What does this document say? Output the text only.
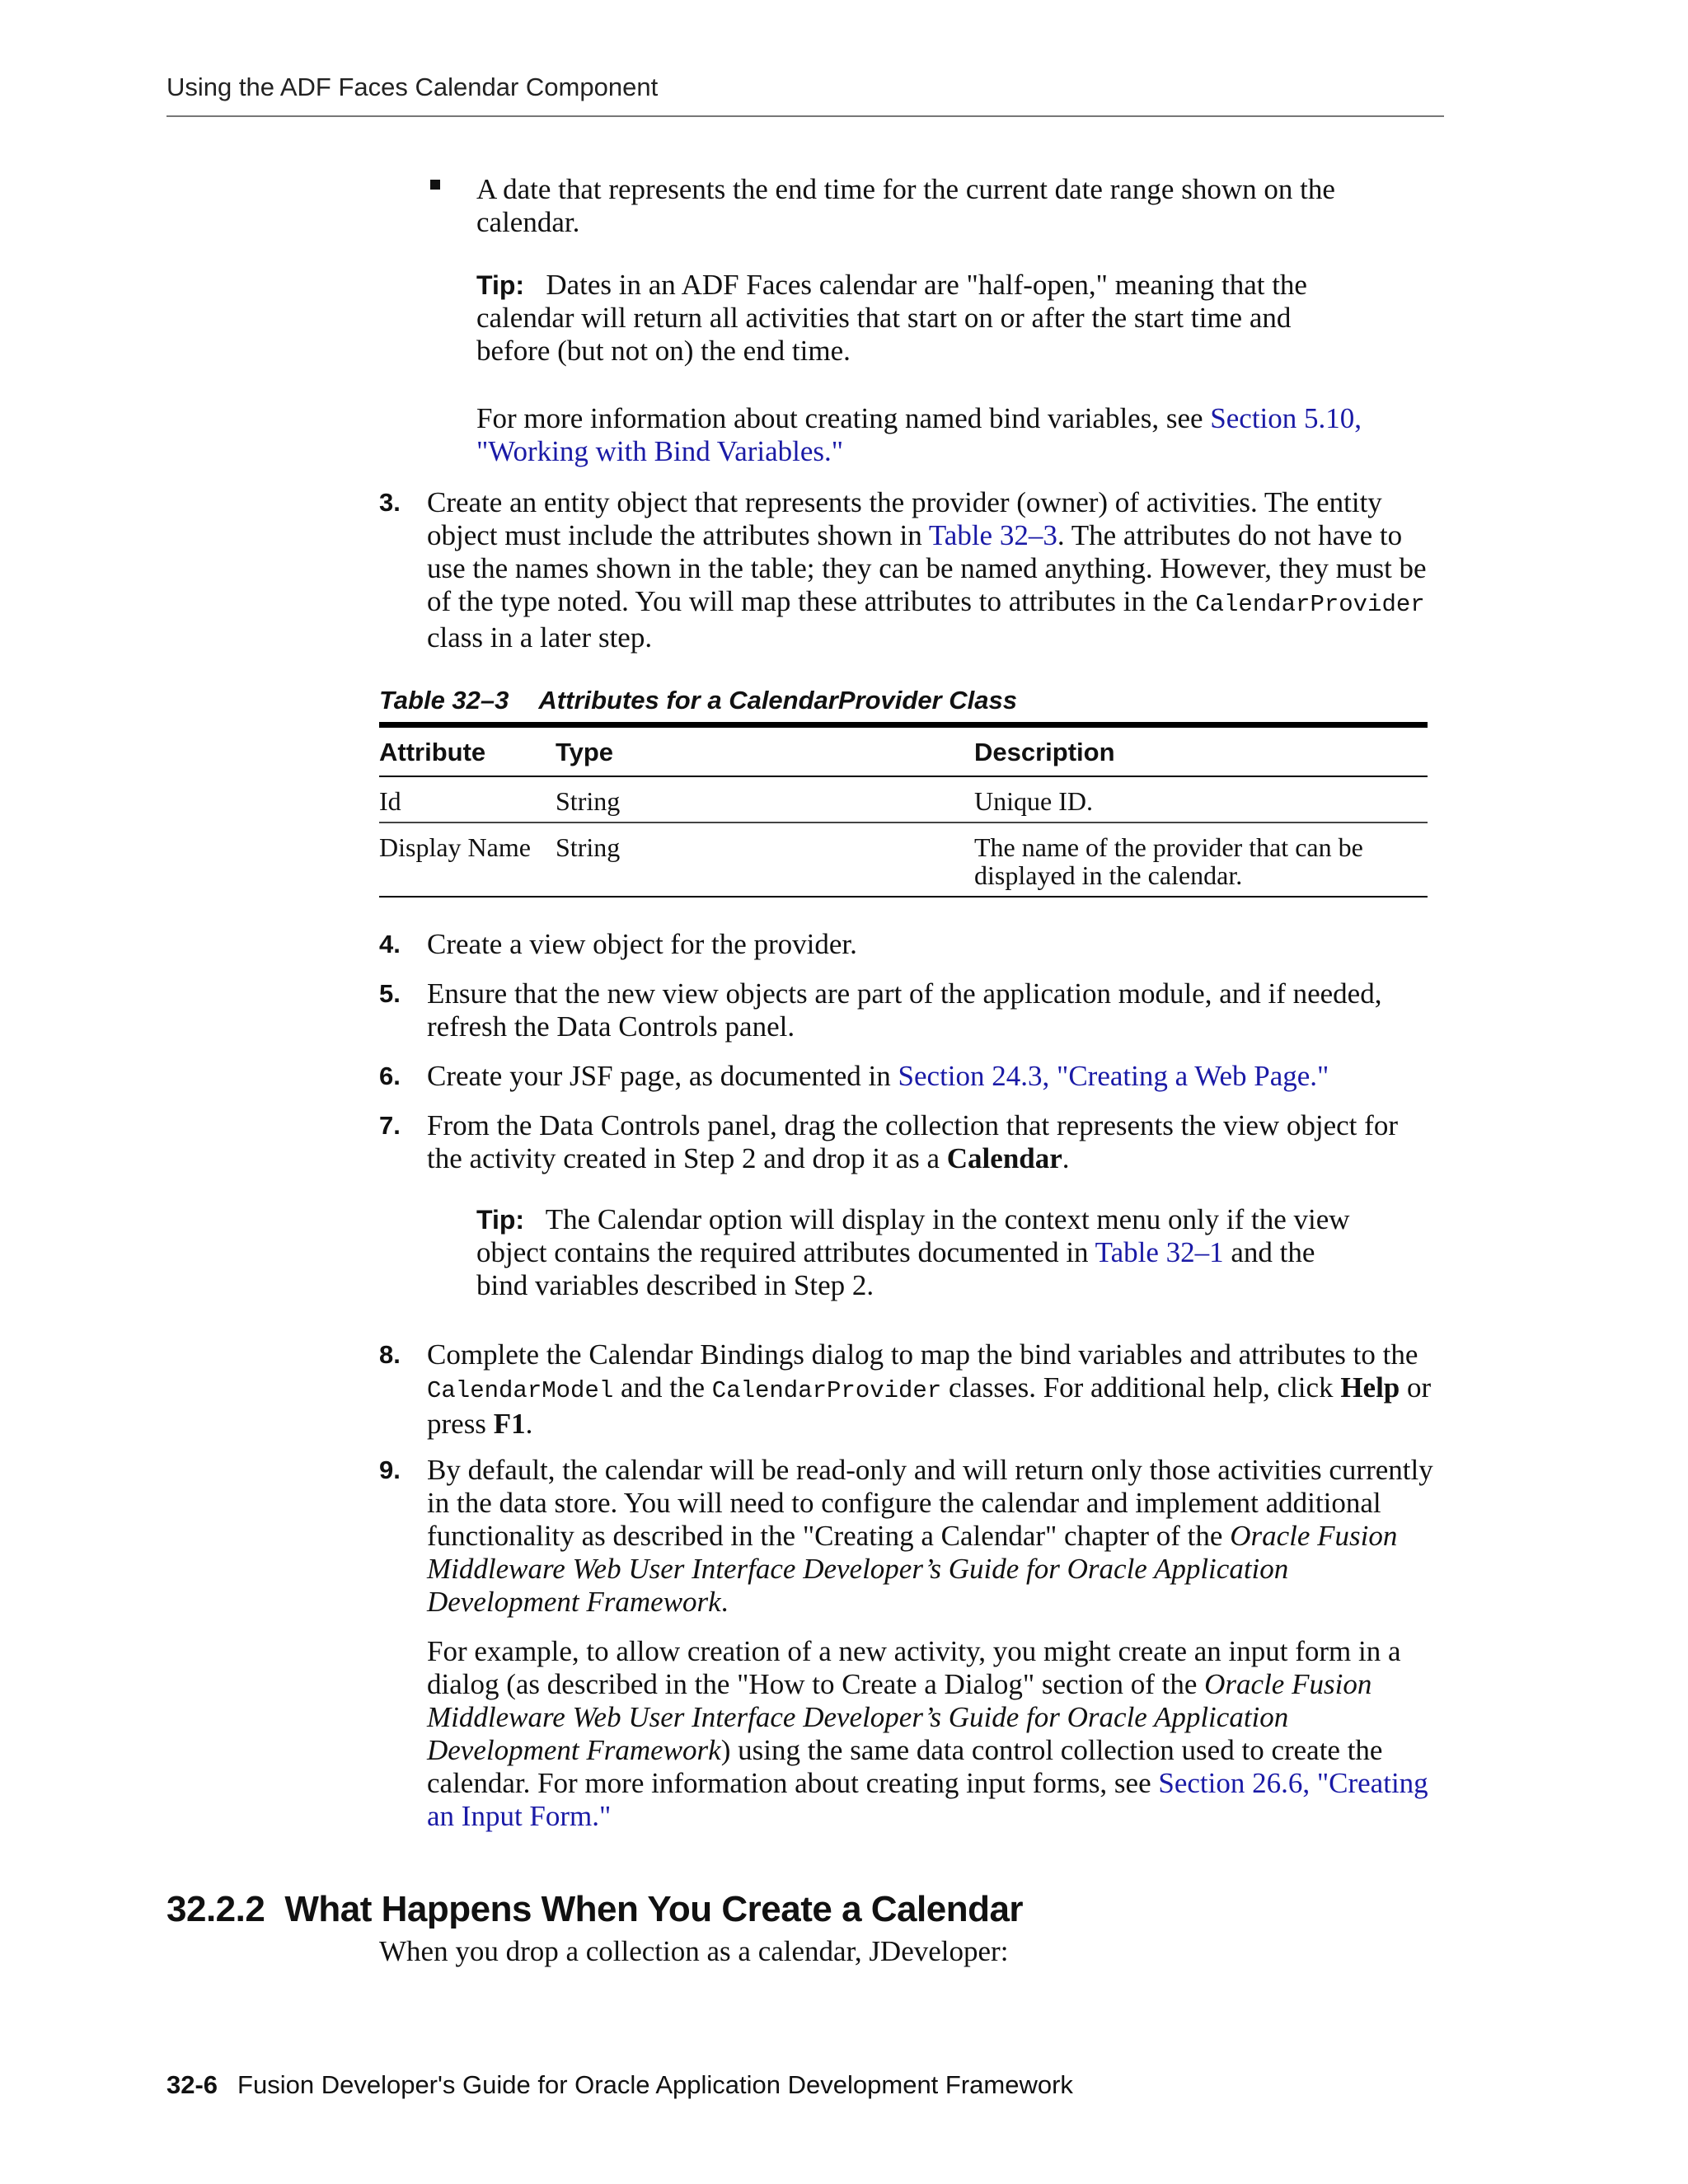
Using the ADF Faces Calendar Component
A date that represents the end time for the current date range shown on the calendar.
Tip: Dates in an ADF Faces calendar are "half-open," meaning that the calendar will return all activities that start on or after the start time and before (but not on) the end time.
For more information about creating named bind variables, see Section 5.10, "Working with Bind Variables."
3. Create an entity object that represents the provider (owner) of activities. The entity object must include the attributes shown in Table 32–3. The attributes do not have to use the names shown in the table; they can be named anything. However, they must be of the type noted. You will map these attributes to attributes in the CalendarProvider class in a later step.
Table 32–3 Attributes for a CalendarProvider Class
Attribute	Type	Description
Id	String	Unique ID.
Display Name	String	The name of the provider that can be displayed in the calendar.
4. Create a view object for the provider.
5. Ensure that the new view objects are part of the application module, and if needed, refresh the Data Controls panel.
6. Create your JSF page, as documented in Section 24.3, "Creating a Web Page."
7. From the Data Controls panel, drag the collection that represents the view object for the activity created in Step 2 and drop it as a Calendar.
Tip: The Calendar option will display in the context menu only if the view object contains the required attributes documented in Table 32–1 and the bind variables described in Step 2.
8. Complete the Calendar Bindings dialog to map the bind variables and attributes to the CalendarModel and the CalendarProvider classes. For additional help, click Help or press F1.
9. By default, the calendar will be read-only and will return only those activities currently in the data store. You will need to configure the calendar and implement additional functionality as described in the "Creating a Calendar" chapter of the Oracle Fusion Middleware Web User Interface Developer’s Guide for Oracle Application Development Framework.
For example, to allow creation of a new activity, you might create an input form in a dialog (as described in the "How to Create a Dialog" section of the Oracle Fusion Middleware Web User Interface Developer’s Guide for Oracle Application Development Framework) using the same data control collection used to create the calendar. For more information about creating input forms, see Section 26.6, "Creating an Input Form."
32.2.2 What Happens When You Create a Calendar
When you drop a collection as a calendar, JDeveloper:
32-6 Fusion Developer's Guide for Oracle Application Development Framework
